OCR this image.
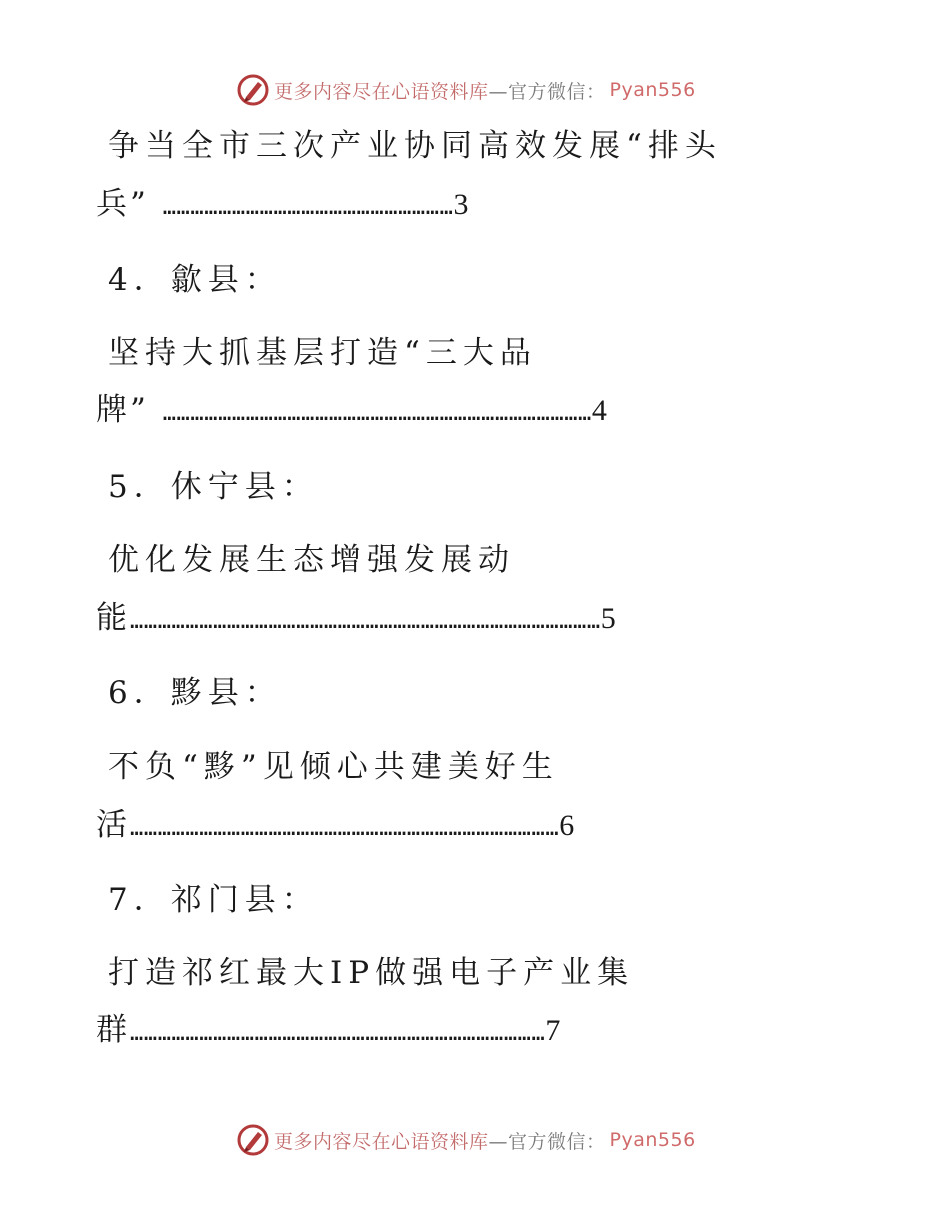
更多内容尽在心语资料库 —官方微信： Pyan556
争当全市三次产业协同高效发展“排头
兵” ……………………………………………………… 3
4．歙县：
坚持大抓基层打造“三大品
牌” ………………………………………………………………………………… 4
5．休宁县：
优化发展生态增强发展动
能 ………………………………………………………………………………………… 5
6．黟县：
不负“黟”见倾心共建美好生
活 ………………………………………………………………………………… 6
7．祁门县：
打造祁红最大IP做强电子产业集
群 ……………………………………………………………………………… 7
更多内容尽在心语资料库 —官方微信： Pyan556
